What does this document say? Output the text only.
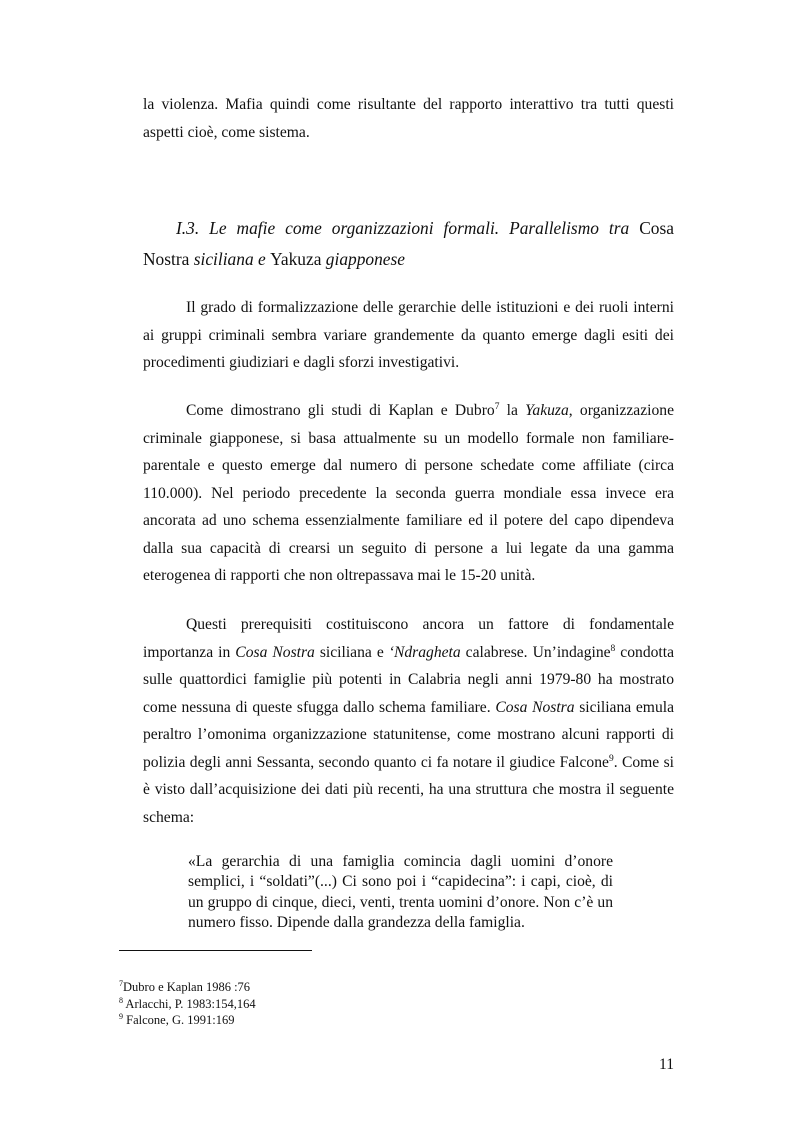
la violenza. Mafia quindi come risultante del rapporto interattivo tra tutti questi aspetti cioè, come sistema.

I.3. Le mafie come organizzazioni formali. Parallelismo tra Cosa Nostra siciliana e Yakuza giapponese

Il grado di formalizzazione delle gerarchie delle istituzioni e dei ruoli interni ai gruppi criminali sembra variare grandemente da quanto emerge dagli esiti dei procedimenti giudiziari e dagli sforzi investigativi.

Come dimostrano gli studi di Kaplan e Dubro$^7$ la Yakuza, organizzazione criminale giapponese, si basa attualmente su un modello formale non familiare-parentale e questo emerge dal numero di persone schedate come affiliate (circa 110.000). Nel periodo precedente la seconda guerra mondiale essa invece era ancorata ad uno schema essenzialmente familiare ed il potere del capo dipendeva dalla sua capacità di crearsi un seguito di persone a lui legate da una gamma eterogenea di rapporti che non oltrepassava mai le 15-20 unità.

Questi prerequisiti costituiscono ancora un fattore di fondamentale importanza in Cosa Nostra siciliana e ‘Ndragheta calabrese. Un’indagine$^8$ condotta sulle quattordici famiglie più potenti in Calabria negli anni 1979-80 ha mostrato come nessuna di queste sfugga dallo schema familiare. Cosa Nostra siciliana emula peraltro l’omonima organizzazione statunitense, come mostrano alcuni rapporti di polizia degli anni Sessanta, secondo quanto ci fa notare il giudice Falcone$^9$. Come si è visto dall’acquisizione dei dati più recenti, ha una struttura che mostra il seguente schema:

«La gerarchia di una famiglia comincia dagli uomini d’onore semplici, i “soldati”(...) Ci sono poi i “capidecina”: i capi, cioè, di un gruppo di cinque, dieci, venti, trenta uomini d’onore. Non c’è un numero fisso. Dipende dalla grandezza della famiglia.

$^7$Dubro e Kaplan 1986 :76

$^8$ Arlacchi, P. 1983:154,164

$^9$ Falcone, G. 1991:169

11
